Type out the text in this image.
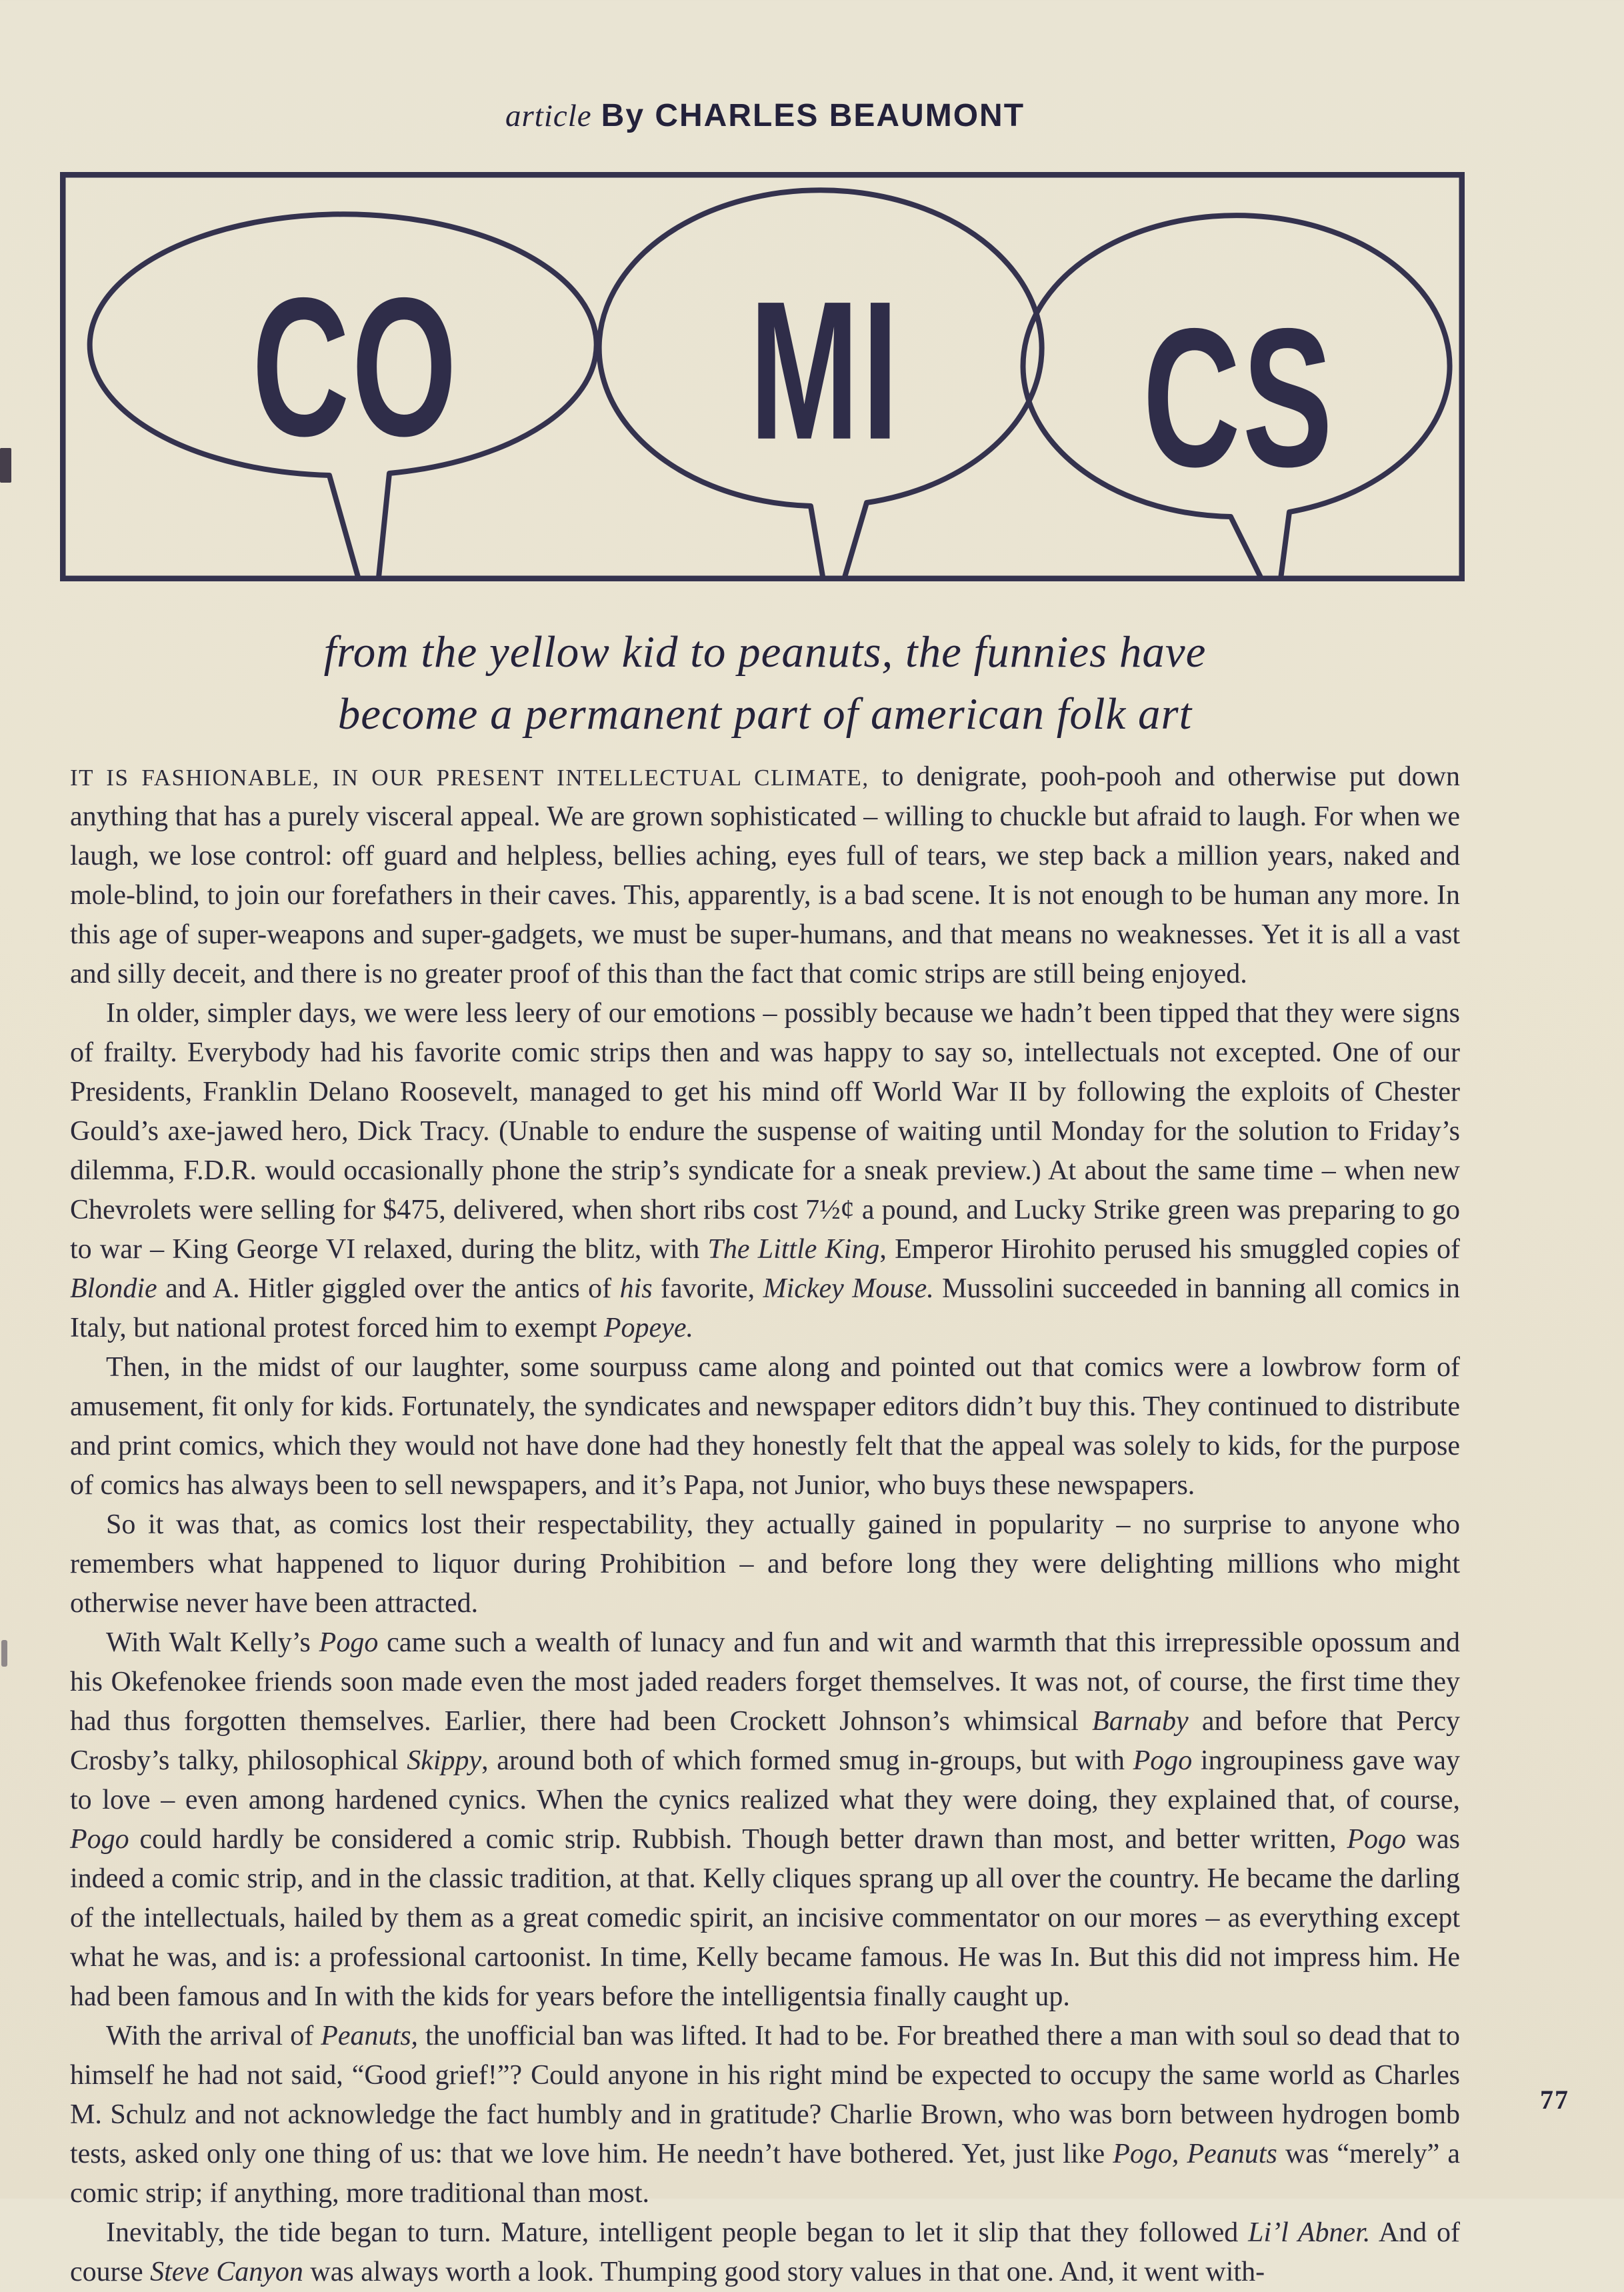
article By CHARLES BEAUMONT
CO MI CS
from the yellow kid to peanuts, the funnies have
become a permanent part of american folk art

IT IS FASHIONABLE, IN OUR PRESENT INTELLECTUAL CLIMATE, to denigrate, pooh-pooh and otherwise put down anything that has a purely visceral appeal. We are grown sophisticated – willing to chuckle but afraid to laugh. For when we laugh, we lose control: off guard and helpless, bellies aching, eyes full of tears, we step back a million years, naked and mole-blind, to join our forefathers in their caves. This, apparently, is a bad scene. It is not enough to be human any more. In this age of super-weapons and super-gadgets, we must be super-humans, and that means no weaknesses. Yet it is all a vast and silly deceit, and there is no greater proof of this than the fact that comic strips are still being enjoyed.

In older, simpler days, we were less leery of our emotions – possibly because we hadn’t been tipped that they were signs of frailty. Everybody had his favorite comic strips then and was happy to say so, intellectuals not excepted. One of our Presidents, Franklin Delano Roosevelt, managed to get his mind off World War II by following the exploits of Chester Gould’s axe-jawed hero, Dick Tracy. (Unable to endure the suspense of waiting until Monday for the solution to Friday’s dilemma, F.D.R. would occasionally phone the strip’s syndicate for a sneak preview.) At about the same time – when new Chevrolets were selling for $475, delivered, when short ribs cost 7½¢ a pound, and Lucky Strike green was preparing to go to war – King George VI relaxed, during the blitz, with The Little King, Emperor Hirohito perused his smuggled copies of Blondie and A. Hitler giggled over the antics of his favorite, Mickey Mouse. Mussolini succeeded in banning all comics in Italy, but national protest forced him to exempt Popeye.

Then, in the midst of our laughter, some sourpuss came along and pointed out that comics were a lowbrow form of amusement, fit only for kids. Fortunately, the syndicates and newspaper editors didn’t buy this. They continued to distribute and print comics, which they would not have done had they honestly felt that the appeal was solely to kids, for the purpose of comics has always been to sell newspapers, and it’s Papa, not Junior, who buys these newspapers.

So it was that, as comics lost their respectability, they actually gained in popularity – no surprise to anyone who remembers what happened to liquor during Prohibition – and before long they were delighting millions who might otherwise never have been attracted.

With Walt Kelly’s Pogo came such a wealth of lunacy and fun and wit and warmth that this irrepressible opossum and his Okefenokee friends soon made even the most jaded readers forget themselves. It was not, of course, the first time they had thus forgotten themselves. Earlier, there had been Crockett Johnson’s whimsical Barnaby and before that Percy Crosby’s talky, philosophical Skippy, around both of which formed smug in-groups, but with Pogo ingroupiness gave way to love – even among hardened cynics. When the cynics realized what they were doing, they explained that, of course, Pogo could hardly be considered a comic strip. Rubbish. Though better drawn than most, and better written, Pogo was indeed a comic strip, and in the classic tradition, at that. Kelly cliques sprang up all over the country. He became the darling of the intellectuals, hailed by them as a great comedic spirit, an incisive commentator on our mores – as everything except what he was, and is: a professional cartoonist. In time, Kelly became famous. He was In. But this did not impress him. He had been famous and In with the kids for years before the intelligentsia finally caught up.

With the arrival of Peanuts, the unofficial ban was lifted. It had to be. For breathed there a man with soul so dead that to himself he had not said, “Good grief!”? Could anyone in his right mind be expected to occupy the same world as Charles M. Schulz and not acknowledge the fact humbly and in gratitude? Charlie Brown, who was born between hydrogen bomb tests, asked only one thing of us: that we love him. He needn’t have bothered. Yet, just like Pogo, Peanuts was “merely” a comic strip; if anything, more traditional than most.

Inevitably, the tide began to turn. Mature, intelligent people began to let it slip that they followed Li’l Abner. And of course Steve Canyon was always worth a look. Thumping good story values in that one. And, it went with-

77
